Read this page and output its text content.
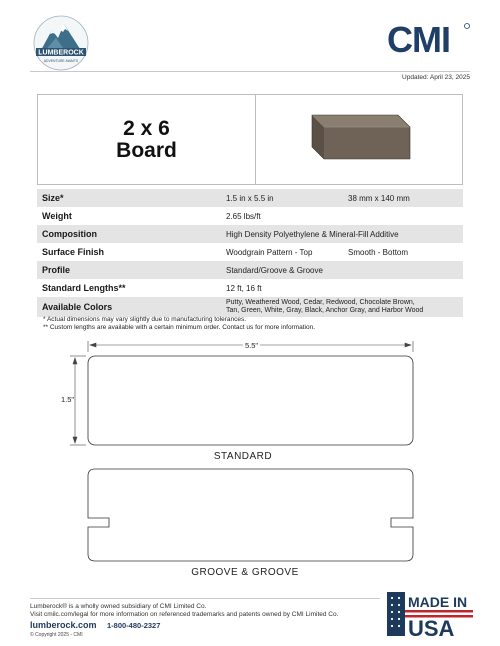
LUMBEROCK
ADVENTURE AWAITS
CMI
Updated: April 23, 2025
2 x 6
Board
Size*	1.5 in x 5.5 in	38 mm x 140 mm
Weight	2.65 lbs/ft
Composition	High Density Polyethylene & Mineral-Fill Additive
Surface Finish	Woodgrain Pattern - Top	Smooth - Bottom
Profile	Standard/Groove & Groove
Standard Lengths**	12 ft, 16 ft
Available Colors	Putty, Weathered Wood, Cedar, Redwood, Chocolate Brown,
Tan, Green, White, Gray, Black, Anchor Gray, and Harbor Wood
* Actual dimensions may vary slightly due to manufacturing tolerances.
** Custom lengths are available with a certain minimum order. Contact us for more information.
5.5"
1.5"
STANDARD
GROOVE & GROOVE
Lumberock® is a wholly owned subsidiary of CMI Limited Co.
Visit cmilc.com/legal for more information on referenced trademarks and patents owned by CMI Limited Co.
lumberock.com 1-800-480-2327
© Copyright 2025 - CMI
MADE IN
USA
